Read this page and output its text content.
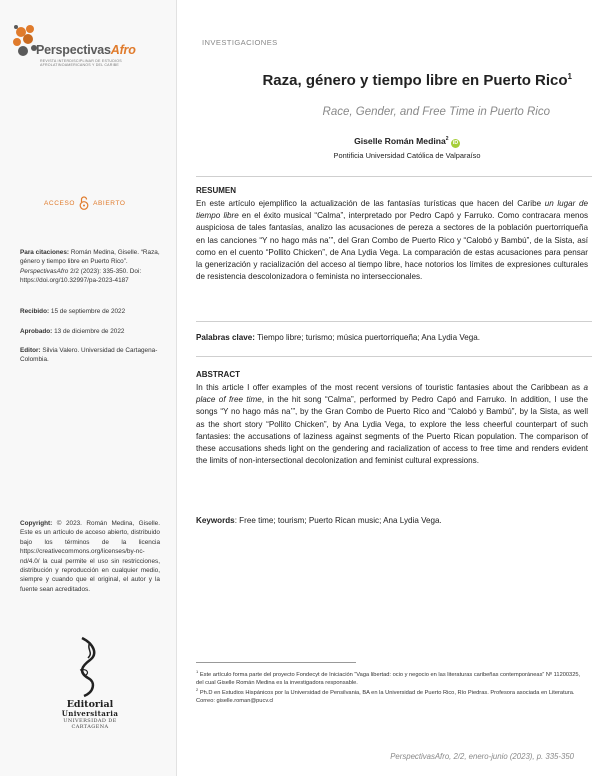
PerspectivasAfro
REVISTA INTERDISCIPLINAR DE ESTUDIOS AFROLATINOAMERICANOS Y DEL CARIBE
ACCESO	ABIERTO
Para citaciones: Román Medina, Giselle. “Raza, género y tiempo libre en Puerto Rico”. PerspectivasAfro 2/2 (2023): 335-350. Doi: https://doi.org/10.32997/pa-2023-4187
Recibido: 15 de septiembre de 2022
Aprobado: 13 de diciembre de 2022
Editor: Silvia Valero. Universidad de Cartagena-Colombia.
Copyright: © 2023. Román Medina, Giselle. Este es un artículo de acceso abierto, distribuido bajo los términos de la licencia https://creativecommons.org/licenses/by-nc-nd/4.0/ la cual permite el uso sin restricciones, distribución y reproducción en cualquier medio, siempre y cuando que el original, el autor y la fuente sean acreditados.
Editorial
Universitaria
UNIVERSIDAD DE CARTAGENA
INVESTIGACIONES
Raza, género y tiempo libre en Puerto Rico$^1$
Race, Gender, and Free Time in Puerto Rico
Giselle Román Medina$^2$ iD
Pontificia Universidad Católica de Valparaíso
RESUMEN
En este artículo ejemplifico la actualización de las fantasías turísticas que hacen del Caribe un lugar de tiempo libre en el éxito musical “Calma”, interpretado por Pedro Capó y Farruko. Como contracara menos auspiciosa de tales fantasías, analizo las acusaciones de pereza a sectores de la población puertorriqueña en las canciones “Y no hago más na’”, del Gran Combo de Puerto Rico y “Calobó y Bambú”, de la Sista, así como en el cuento “Pollito Chicken”, de Ana Lydia Vega. La comparación de estas acusaciones para pensar la generización y racialización del acceso al tiempo libre, hace notorios los límites de expresiones culturales de resistencia descolonizadora o feminista no interseccionales.
Palabras clave: Tiempo libre; turismo; música puertorriqueña; Ana Lydia Vega.
ABSTRACT
In this article I offer examples of the most recent versions of touristic fantasies about the Caribbean as a place of free time, in the hit song “Calma”, performed by Pedro Capó and Farruko. In addition, I use the songs “Y no hago más na’”, by the Gran Combo de Puerto Rico and “Calobó y Bambú”, by la Sista, as well as the short story “Pollito Chicken”, by Ana Lydia Vega, to explore the less cheerful counterpart of such fantasies: the accusations of laziness against segments of the Puerto Rican population. The comparison of these accusations sheds light on the gendering and racialization of access to free time and renders evident the limits of non-intersectional decolonization and feminist cultural expressions.
Keywords: Free time; tourism; Puerto Rican music; Ana Lydia Vega.
$^1$ Este artículo forma parte del proyecto Fondecyt de Iniciación “Vaga libertad: ocio y negocio en las literaturas caribeñas contemporáneas” Nº 11200325, del cual Giselle Román Medina es la investigadora responsable.
$^2$ Ph.D en Estudios Hispánicos por la Universidad de Pensilvania, BA en la Universidad de Puerto Rico, Río Piedras. Profesora asociada en Literatura. Correo: giselle.roman@pucv.cl
PerspectivasAfro, 2/2, enero-junio (2023), p. 335-350
